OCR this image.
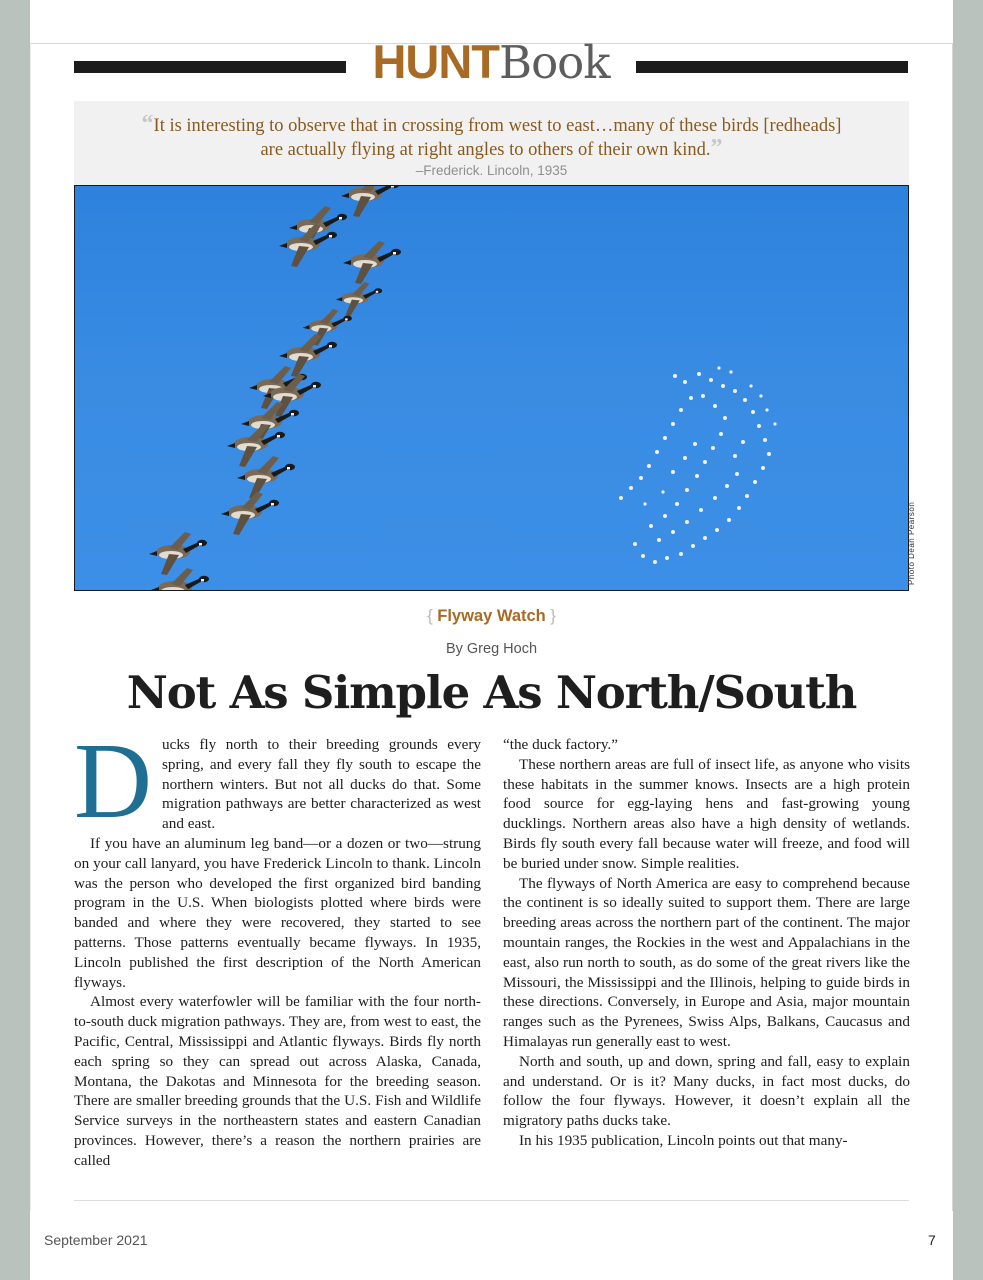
HUNTBook
“It is interesting to observe that in crossing from west to east…many of these birds [redheads] are actually flying at right angles to others of their own kind.”
–Frederick. Lincoln, 1935
Photo Dean Pearson
{ Flyway Watch }
By Greg Hoch
Not As Simple As North/South
D ucks fly north to their breeding grounds every spring, and every fall they fly south to escape the northern winters. But not all ducks do that. Some migration pathways are better characterized as west and east.

If you have an aluminum leg band—or a dozen or two—strung on your call lanyard, you have Frederick Lincoln to thank. Lincoln was the person who developed the first organized bird banding program in the U.S. When biologists plotted where birds were banded and where they were recovered, they started to see patterns. Those patterns eventually became flyways. In 1935, Lincoln published the first description of the North American flyways.

Almost every waterfowler will be familiar with the four north-to-south duck migration pathways. They are, from west to east, the Pacific, Central, Mississippi and Atlantic flyways. Birds fly north each spring so they can spread out across Alaska, Canada, Montana, the Dakotas and Minnesota for the breeding season. There are smaller breeding grounds that the U.S. Fish and Wildlife Service surveys in the northeastern states and eastern Canadian provinces. However, there’s a reason the northern prairies are called

“the duck factory.”

These northern areas are full of insect life, as anyone who visits these habitats in the summer knows. Insects are a high protein food source for egg-laying hens and fast-growing young ducklings. Northern areas also have a high density of wetlands. Birds fly south every fall because water will freeze, and food will be buried under snow. Simple realities.

The flyways of North America are easy to comprehend because the continent is so ideally suited to support them. There are large breeding areas across the northern part of the continent. The major mountain ranges, the Rockies in the west and Appalachians in the east, also run north to south, as do some of the great rivers like the Missouri, the Mississippi and the Illinois, helping to guide birds in these directions. Conversely, in Europe and Asia, major mountain ranges such as the Pyrenees, Swiss Alps, Balkans, Caucasus and Himalayas run generally east to west.

North and south, up and down, spring and fall, easy to explain and understand. Or is it? Many ducks, in fact most ducks, do follow the four flyways. However, it doesn’t explain all the migratory paths ducks take.

In his 1935 publication, Lincoln points out that many-

September 2021	7
